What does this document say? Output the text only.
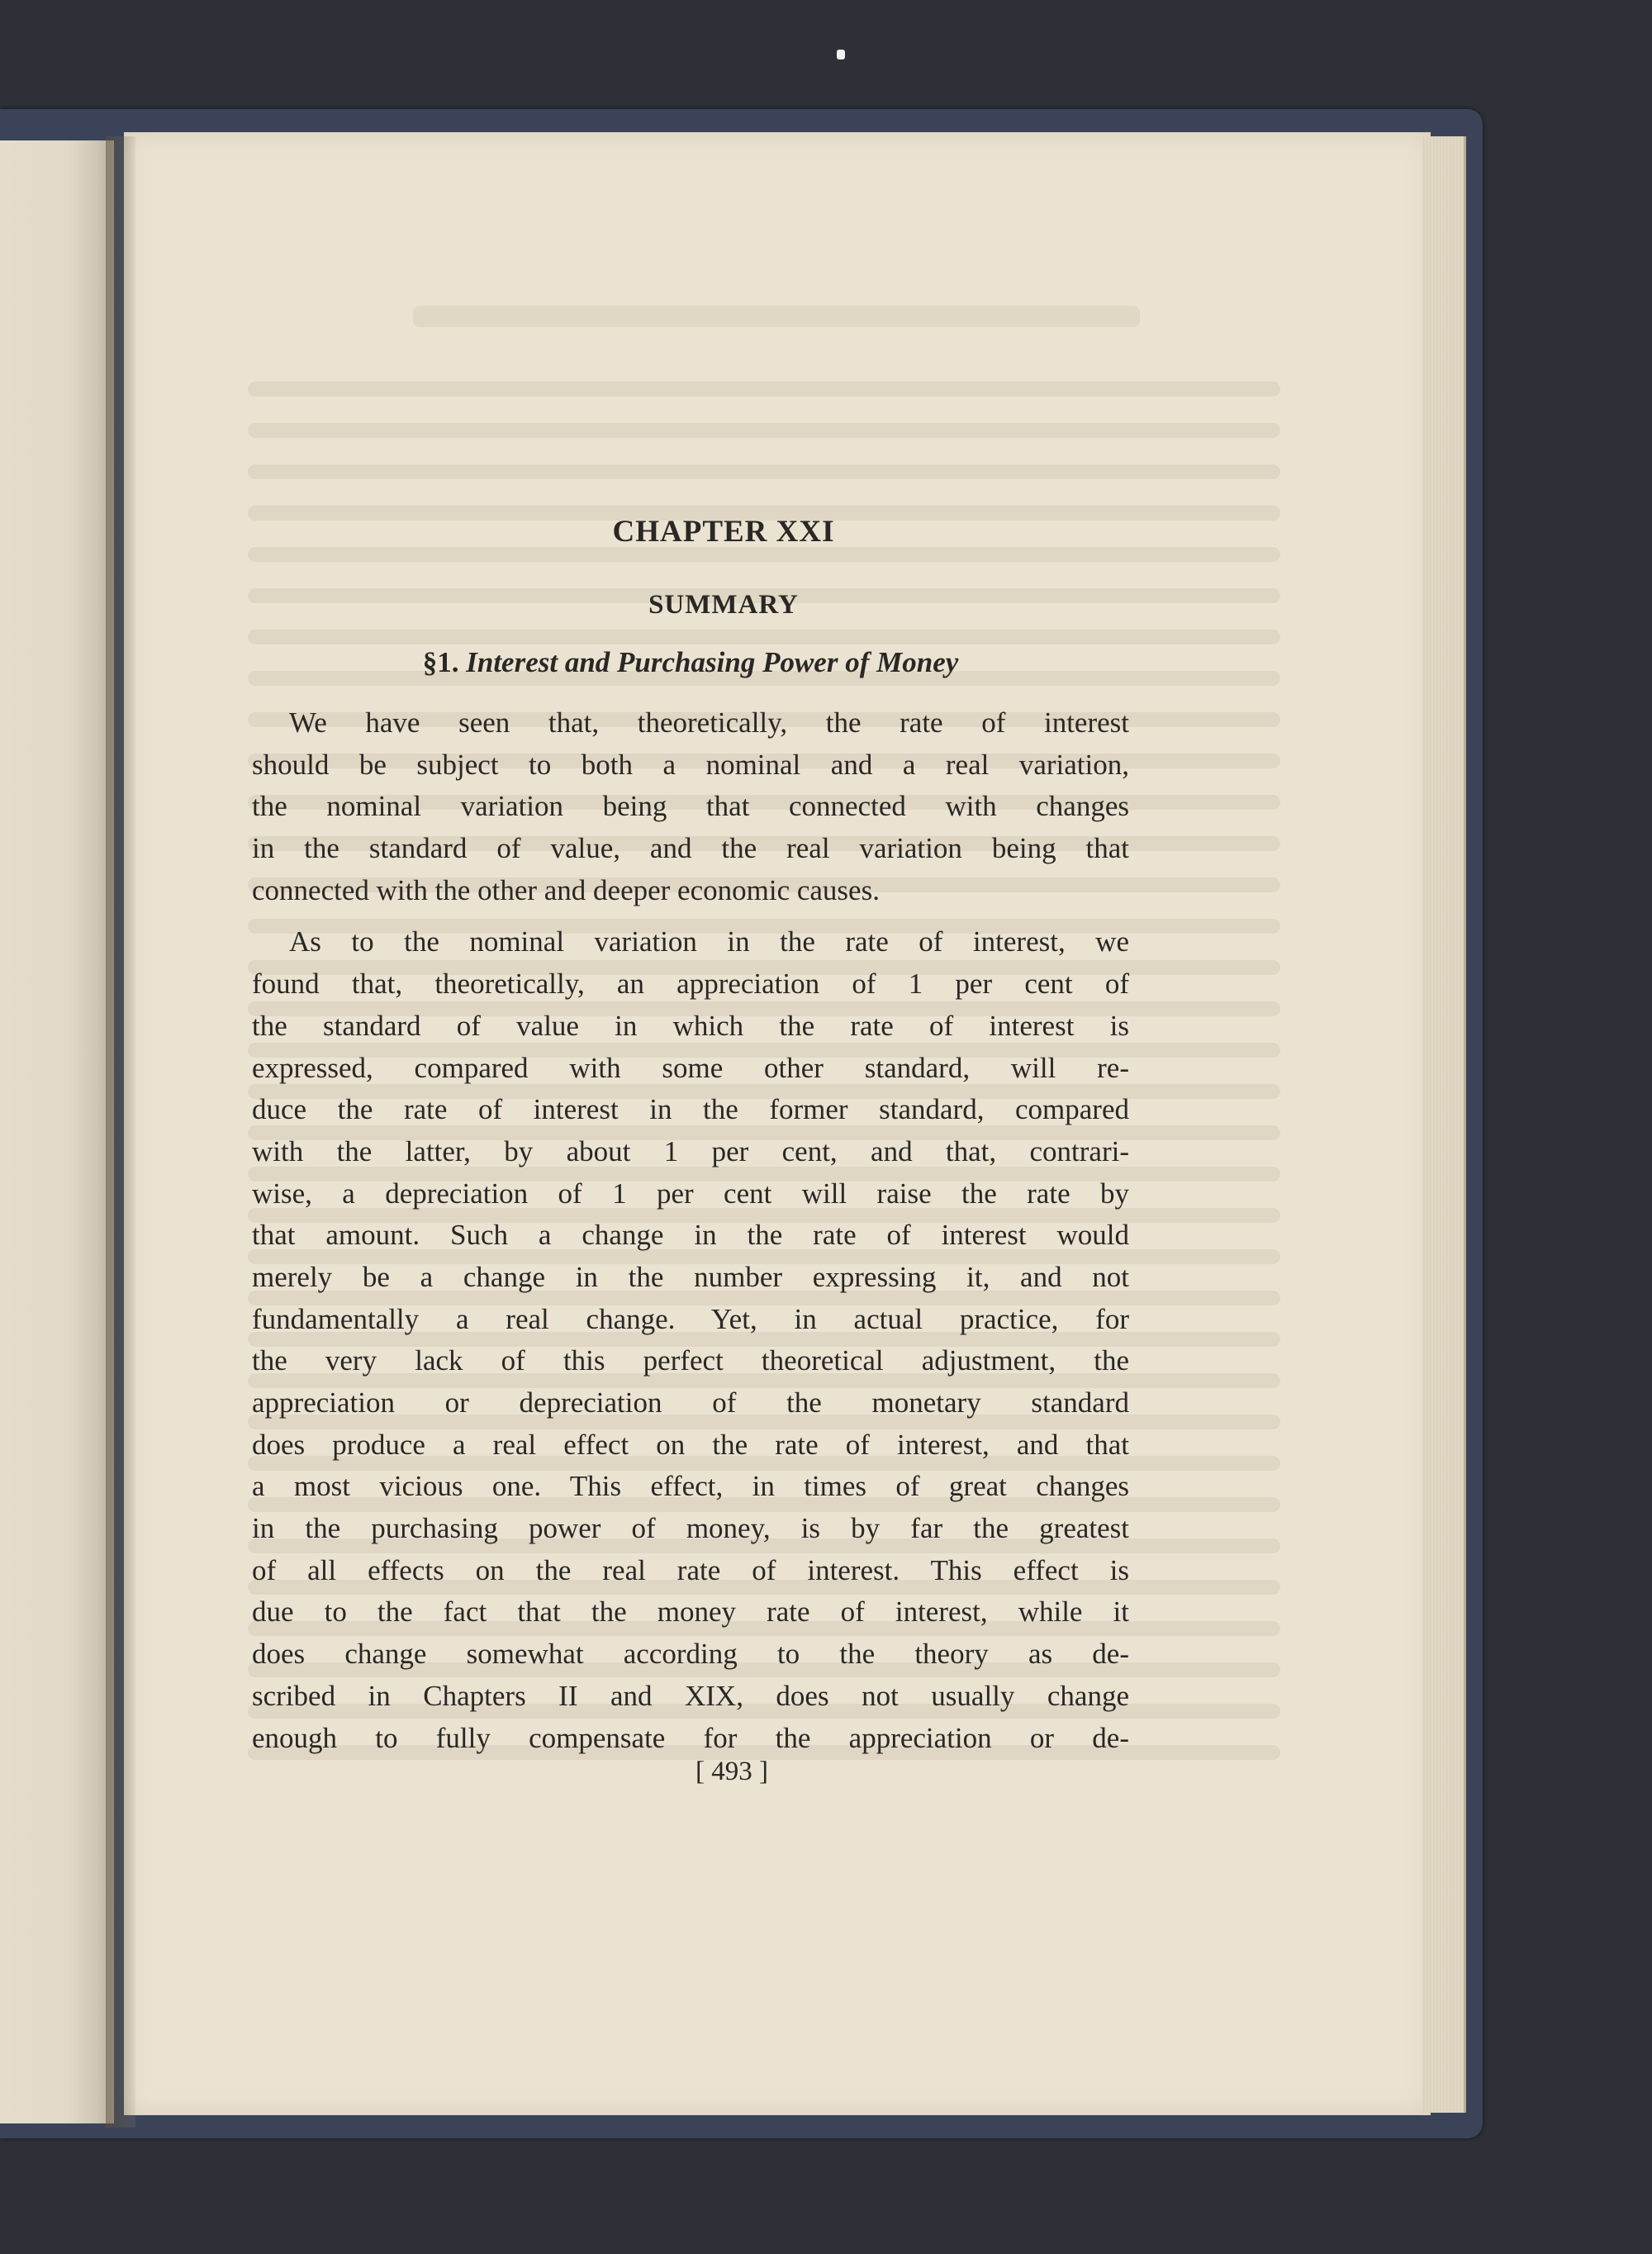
CHAPTER XXI
SUMMARY
§1. Interest and Purchasing Power of Money

We have seen that, theoretically, the rate of interest
should be subject to both a nominal and a real variation,
the nominal variation being that connected with changes
in the standard of value, and the real variation being that
connected with the other and deeper economic causes.

As to the nominal variation in the rate of interest, we
found that, theoretically, an appreciation of 1 per cent of
the standard of value in which the rate of interest is
expressed, compared with some other standard, will re-
duce the rate of interest in the former standard, compared
with the latter, by about 1 per cent, and that, contrari-
wise, a depreciation of 1 per cent will raise the rate by
that amount. Such a change in the rate of interest would
merely be a change in the number expressing it, and not
fundamentally a real change. Yet, in actual practice, for
the very lack of this perfect theoretical adjustment, the
appreciation or depreciation of the monetary standard
does produce a real effect on the rate of interest, and that
a most vicious one. This effect, in times of great changes
in the purchasing power of money, is by far the greatest
of all effects on the real rate of interest. This effect is
due to the fact that the money rate of interest, while it
does change somewhat according to the theory as de-
scribed in Chapters II and XIX, does not usually change
enough to fully compensate for the appreciation or de-

[ 493 ]
